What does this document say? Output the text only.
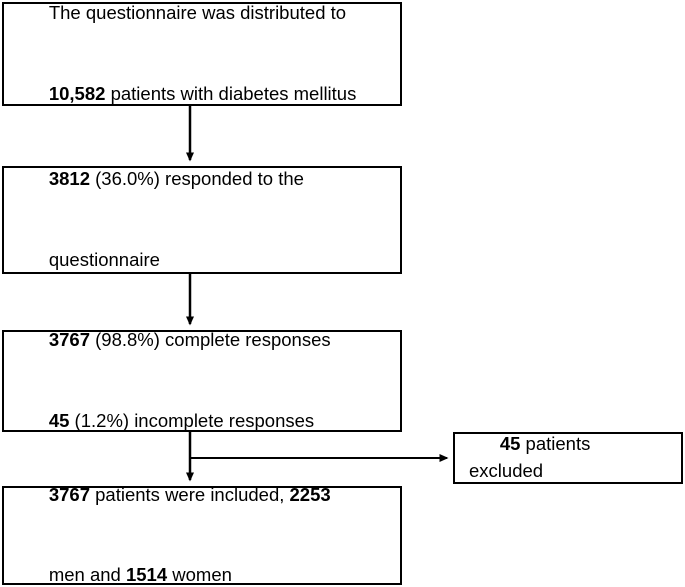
The questionnaire was distributed to

10,582 patients with diabetes mellitus

3812 (36.0%) responded to the

questionnaire

3767 (98.8%) complete responses

45 (1.2%) incomplete responses

45 patients excluded

3767 patients were included, 2253

men and 1514 women
